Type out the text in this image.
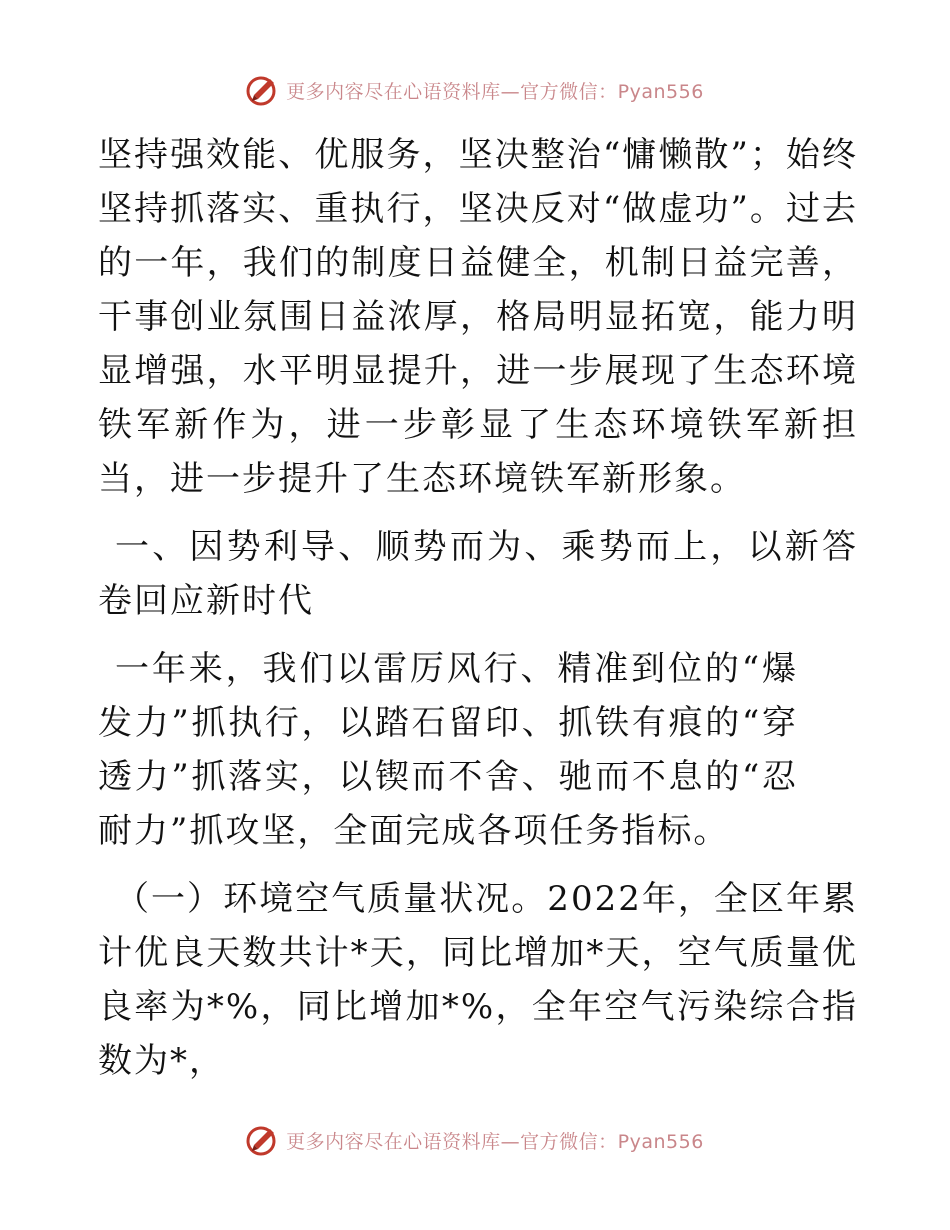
更多内容尽在心语资料库—官方微信：Pyan556

坚持强效能、优服务，坚决整治“慵懒散”；始终坚持抓落实、重执行，坚决反对“做虚功”。过去的一年，我们的制度日益健全，机制日益完善，干事创业氛围日益浓厚，格局明显拓宽，能力明显增强，水平明显提升，进一步展现了生态环境铁军新作为，进一步彰显了生态环境铁军新担当，进一步提升了生态环境铁军新形象。

一、因势利导、顺势而为、乘势而上，以新答卷回应新时代

一年来，我们以雷厉风行、精准到位的“爆发力”抓执行，以踏石留印、抓铁有痕的“穿透力”抓落实，以锲而不舍、驰而不息的“忍耐力”抓攻坚，全面完成各项任务指标。

（一）环境空气质量状况。2022年，全区年累计优良天数共计*天，同比增加*天，空气质量优良率为*%，同比增加*%，全年空气污染综合指数为*，

更多内容尽在心语资料库—官方微信：Pyan556
